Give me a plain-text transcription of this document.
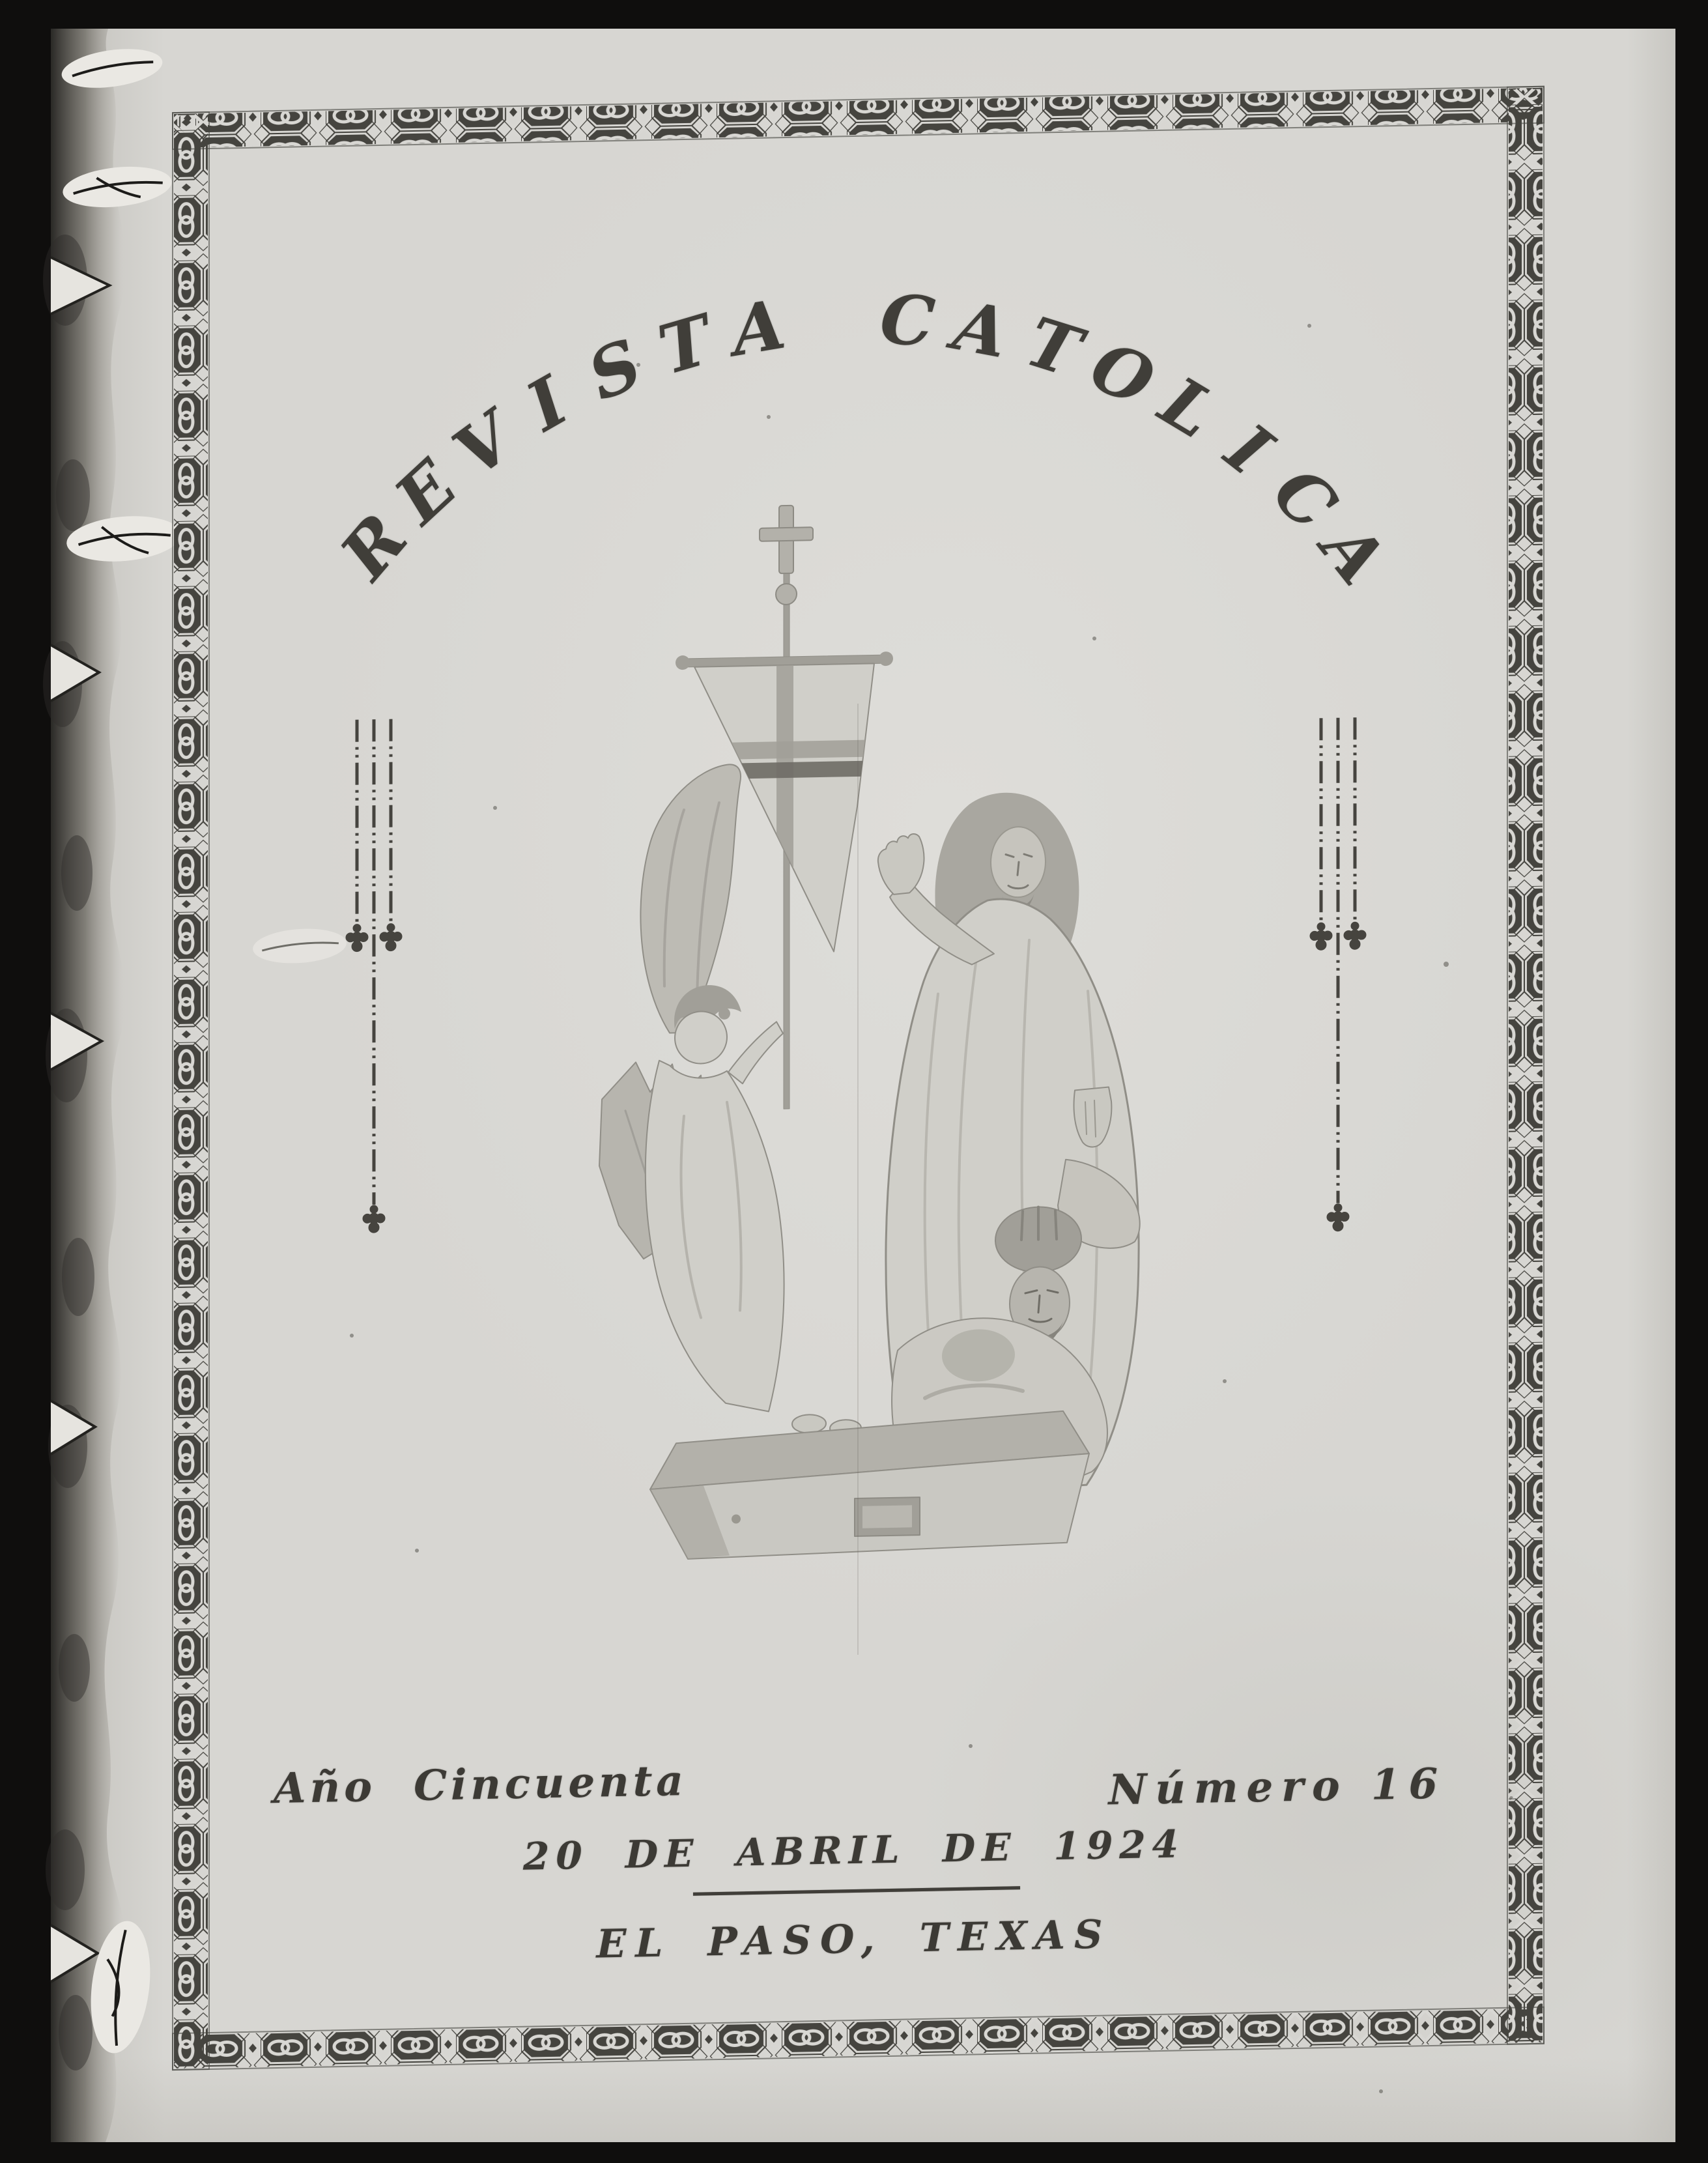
R
E
V
I
S
T A C A T
O
L
I
C
A
Año Cincuenta	Número 16
20 DE ABRIL DE 1924
EL PASO, TEXAS
